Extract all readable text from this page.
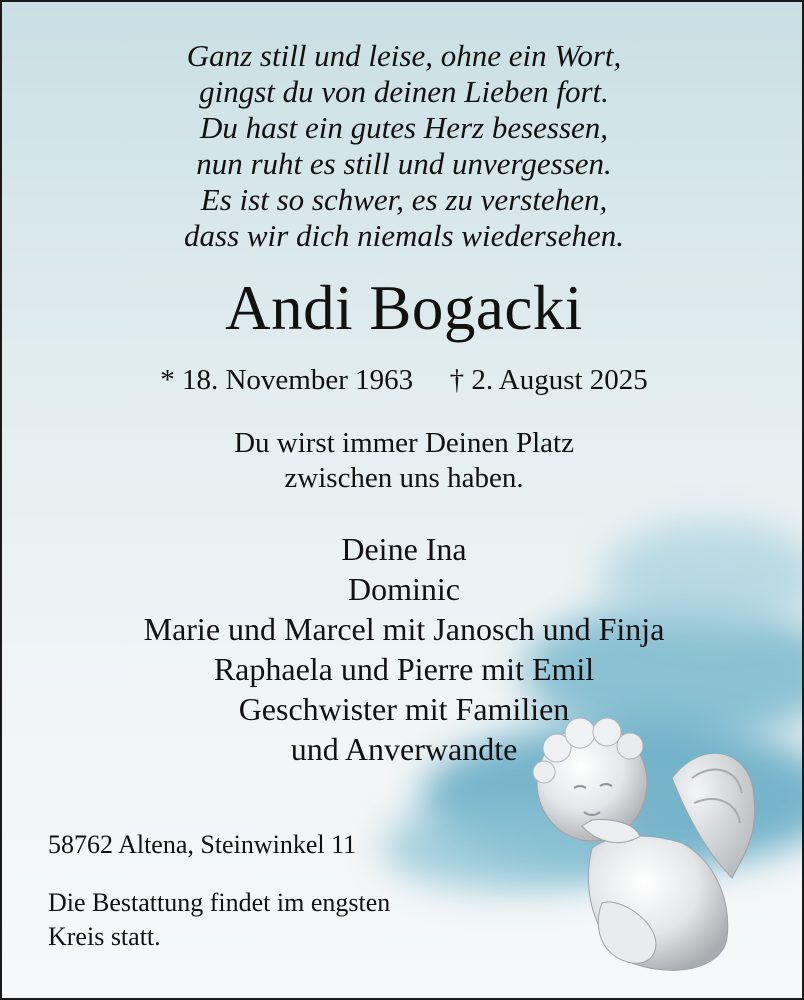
Ganz still und leise, ohne ein Wort,
gingst du von deinen Lieben fort.
Du hast ein gutes Herz besessen,
nun ruht es still und unvergessen.
Es ist so schwer, es zu verstehen,
dass wir dich niemals wiedersehen.
Andi Bogacki
* 18. November 1963 † 2. August 2025
Du wirst immer Deinen Platz
zwischen uns haben.
Deine Ina
Dominic
Marie und Marcel mit Janosch und Finja
Raphaela und Pierre mit Emil
Geschwister mit Familien
und Anverwandte
58762 Altena, Steinwinkel 11
Die Bestattung findet im engsten
Kreis statt.
